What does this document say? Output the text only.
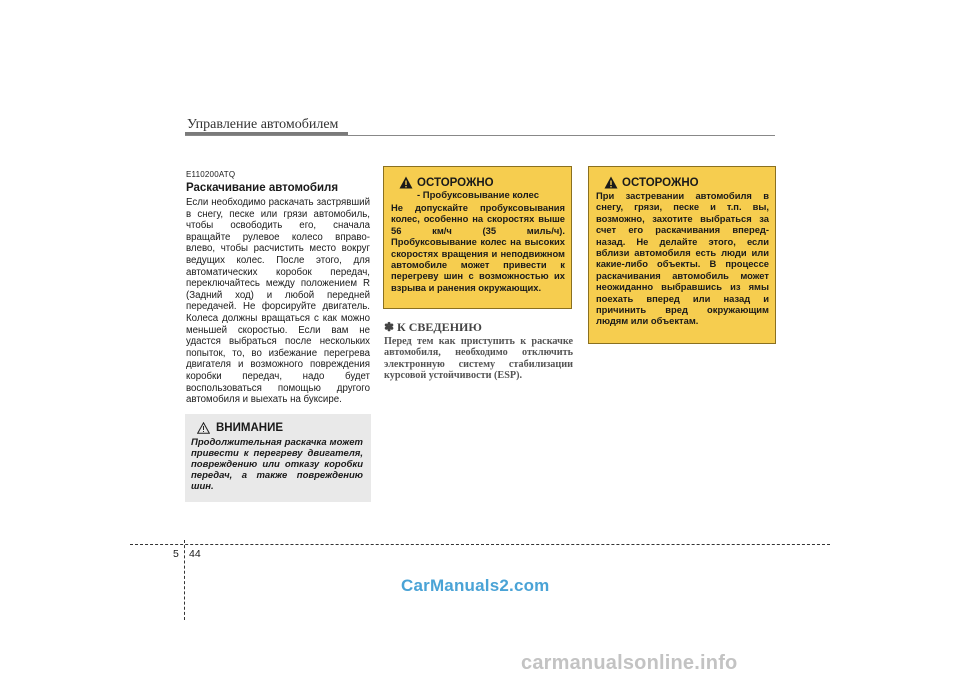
Управление автомобилем
E110200ATQ
Раскачивание автомобиля
Если необходимо раскачать застрявший в снегу, песке или грязи автомобиль, чтобы освободить его, сначала вращайте рулевое колесо вправо-влево, чтобы расчистить место вокруг ведущих колес. После этого, для автоматических коробок передач, переключайтесь между положением R (Задний ход) и любой передней передачей. Не форсируйте двигатель. Колеса должны вращаться с как можно меньшей скоростью. Если вам не удастся выбраться после нескольких попыток, то, во избежание перегрева двигателя и возможного повреждения коробки передач, надо будет воспользоваться помощью другого автомобиля и выехать на буксире.
ВНИМАНИЕ
Продолжительная раскачка может привести к перегреву двигателя, повреждению или отказу коробки передач, а также повреждению шин.
ОСТОРОЖНО
- Пробуксовывание колес
Не допускайте пробуксовывания колес, особенно на скоростях выше 56 км/ч (35 миль/ч). Пробуксовывание колес на высоких скоростях вращения и неподвижном автомобиле может привести к перегреву шин с возможностью их взрыва и ранения окружающих.
✽ К СВЕДЕНИЮ
Перед тем как приступить к раскачке автомобиля, необходимо отключить электронную систему стабилизации курсовой устойчивости (ESP).
ОСТОРОЖНО
При застревании автомобиля в снегу, грязи, песке и т.п. вы, возможно, захотите выбраться за счет его раскачивания вперед-назад. Не делайте этого, если вблизи автомобиля есть люди или какие-либо объекты. В процессе раскачивания автомобиль может неожиданно выбравшись из ямы поехать вперед или назад и причинить вред окружающим людям или объектам.
5 44
CarManuals2.com
carmanualsonline.info
